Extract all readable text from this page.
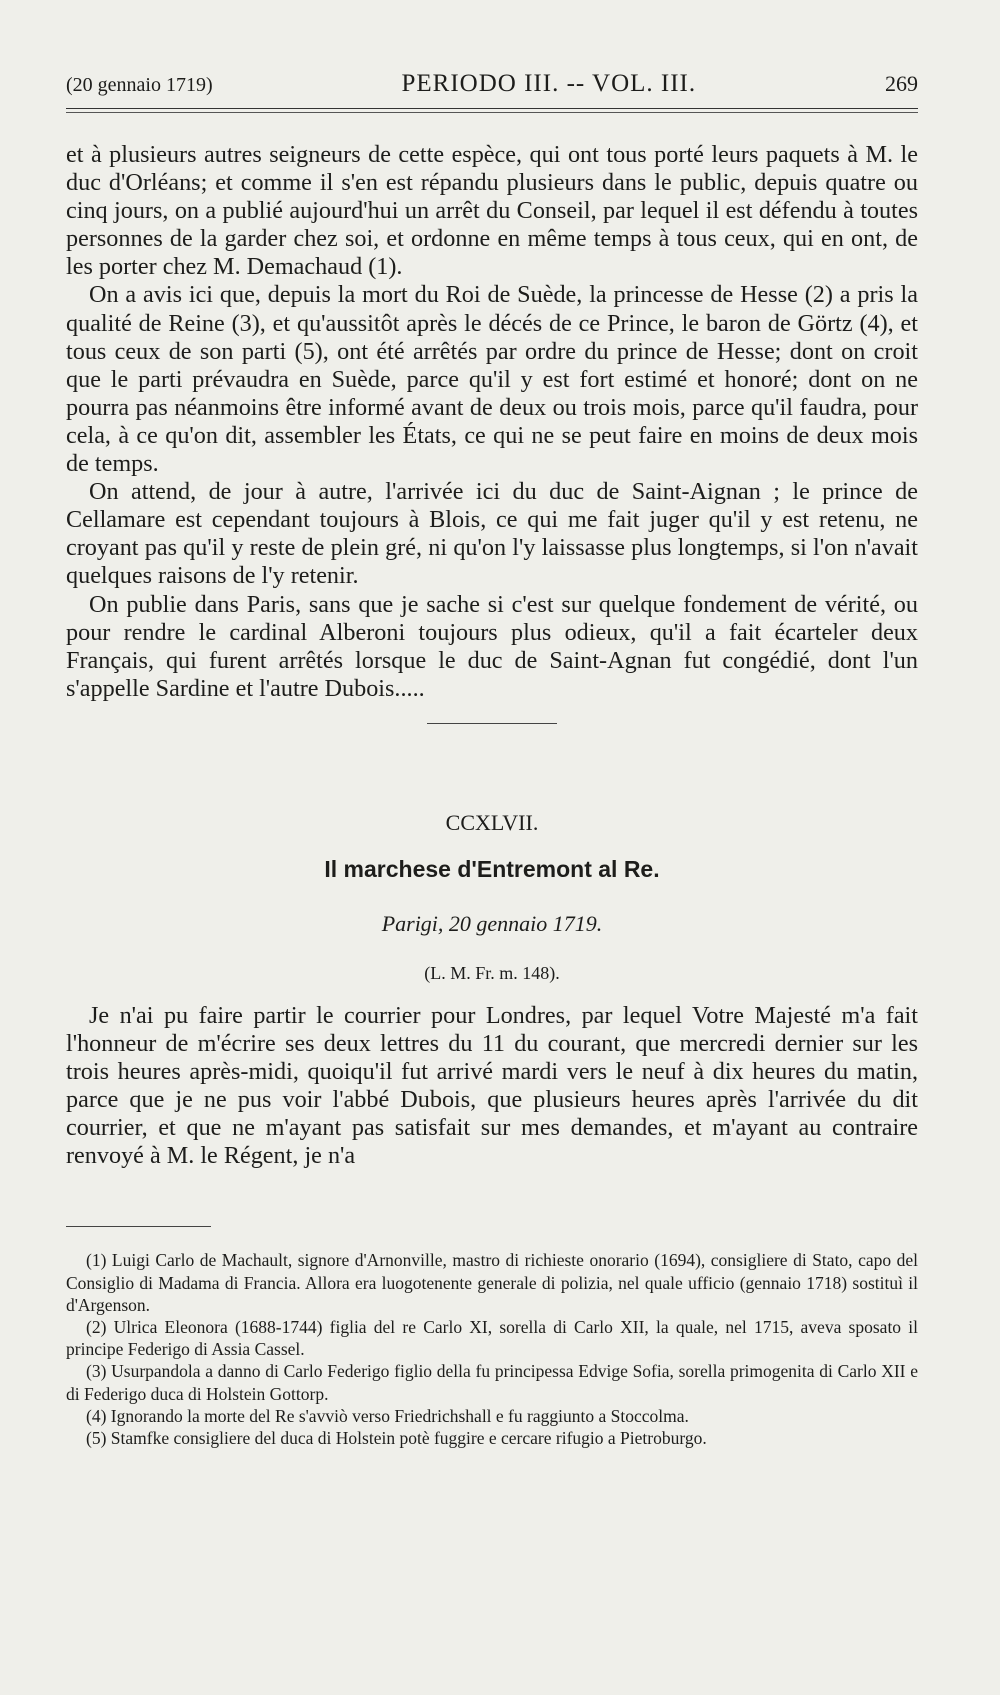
(20 gennaio 1719)	PERIODO III. -- VOL. III.	269

et à plusieurs autres seigneurs de cette espèce, qui ont tous porté leurs paquets à M. le duc d'Orléans; et comme il s'en est répandu plusieurs dans le public, depuis quatre ou cinq jours, on a publié aujourd'hui un arrêt du Conseil, par lequel il est défendu à toutes personnes de la garder chez soi, et ordonne en même temps à tous ceux, qui en ont, de les porter chez M. Demachaud (1).

On a avis ici que, depuis la mort du Roi de Suède, la princesse de Hesse (2) a pris la qualité de Reine (3), et qu'aussitôt après le décés de ce Prince, le baron de Görtz (4), et tous ceux de son parti (5), ont été arrêtés par ordre du prince de Hesse; dont on croit que le parti prévaudra en Suède, parce qu'il y est fort estimé et honoré; dont on ne pourra pas néanmoins être informé avant de deux ou trois mois, parce qu'il faudra, pour cela, à ce qu'on dit, assembler les États, ce qui ne se peut faire en moins de deux mois de temps.

On attend, de jour à autre, l'arrivée ici du duc de Saint-Aignan ; le prince de Cellamare est cependant toujours à Blois, ce qui me fait juger qu'il y est retenu, ne croyant pas qu'il y reste de plein gré, ni qu'on l'y laissasse plus longtemps, si l'on n'avait quelques raisons de l'y retenir.

On publie dans Paris, sans que je sache si c'est sur quelque fondement de vérité, ou pour rendre le cardinal Alberoni toujours plus odieux, qu'il a fait écarteler deux Français, qui furent arrêtés lorsque le duc de Saint-Agnan fut congédié, dont l'un s'appelle Sardine et l'autre Dubois.....

CCXLVII.
Il marchese d'Entremont al Re.
Parigi, 20 gennaio 1719.
(L. M. Fr. m. 148).

Je n'ai pu faire partir le courrier pour Londres, par lequel Votre Majesté m'a fait l'honneur de m'écrire ses deux lettres du 11 du courant, que mercredi dernier sur les trois heures après-midi, quoiqu'il fut arrivé mardi vers le neuf à dix heures du matin, parce que je ne pus voir l'abbé Dubois, que plusieurs heures après l'arrivée du dit courrier, et que ne m'ayant pas satisfait sur mes demandes, et m'ayant au contraire renvoyé à M. le Régent, je n'a

(1) Luigi Carlo de Machault, signore d'Arnonville, mastro di richieste onorario (1694), consigliere di Stato, capo del Consiglio di Madama di Francia. Allora era luogotenente generale di polizia, nel quale ufficio (gennaio 1718) sostituì il d'Argenson.

(2) Ulrica Eleonora (1688-1744) figlia del re Carlo XI, sorella di Carlo XII, la quale, nel 1715, aveva sposato il principe Federigo di Assia Cassel.

(3) Usurpandola a danno di Carlo Federigo figlio della fu principessa Edvige Sofia, sorella primogenita di Carlo XII e di Federigo duca di Holstein Gottorp.

(4) Ignorando la morte del Re s'avviò verso Friedrichshall e fu raggiunto a Stoccolma.

(5) Stamfke consigliere del duca di Holstein potè fuggire e cercare rifugio a Pietroburgo.
